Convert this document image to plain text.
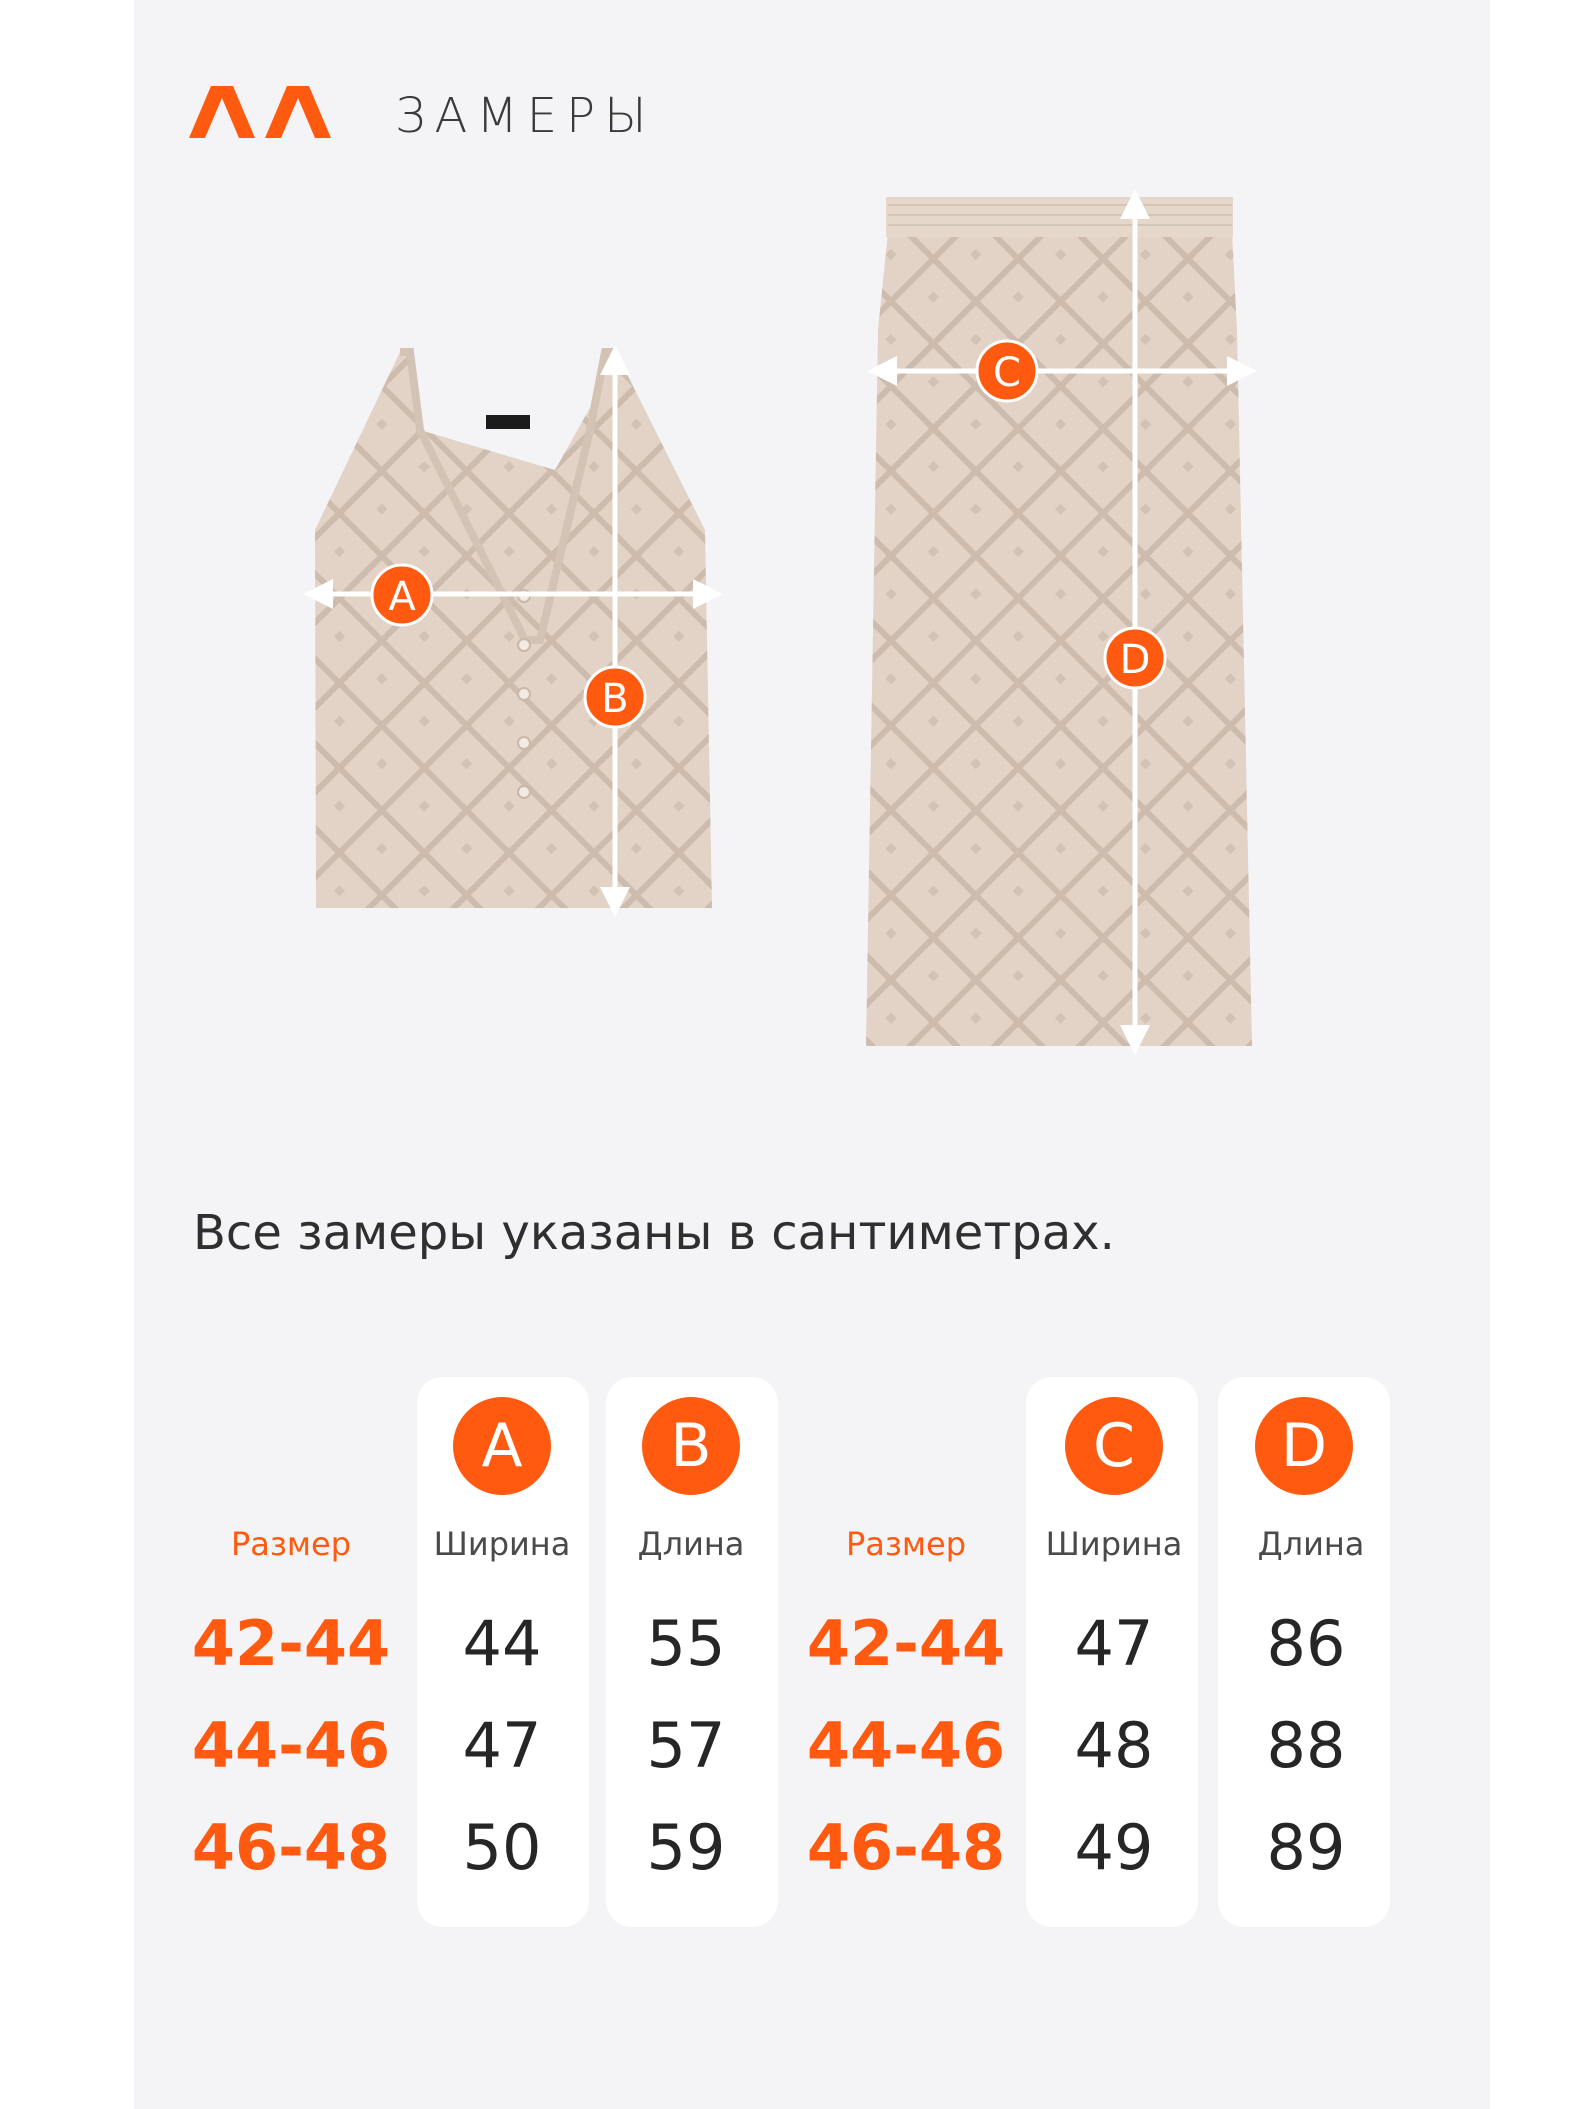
ЗАМЕРЫ
A
B
C
D
Все замеры указаны в сантиметрах.
A	B
Размер	Ширина Длина
42-44 44 55
44-46 47 57
46-48 50 59
C	D
Размер Ширина Длина
42-44 47 86
44-46 48 88
46-48 49 89
